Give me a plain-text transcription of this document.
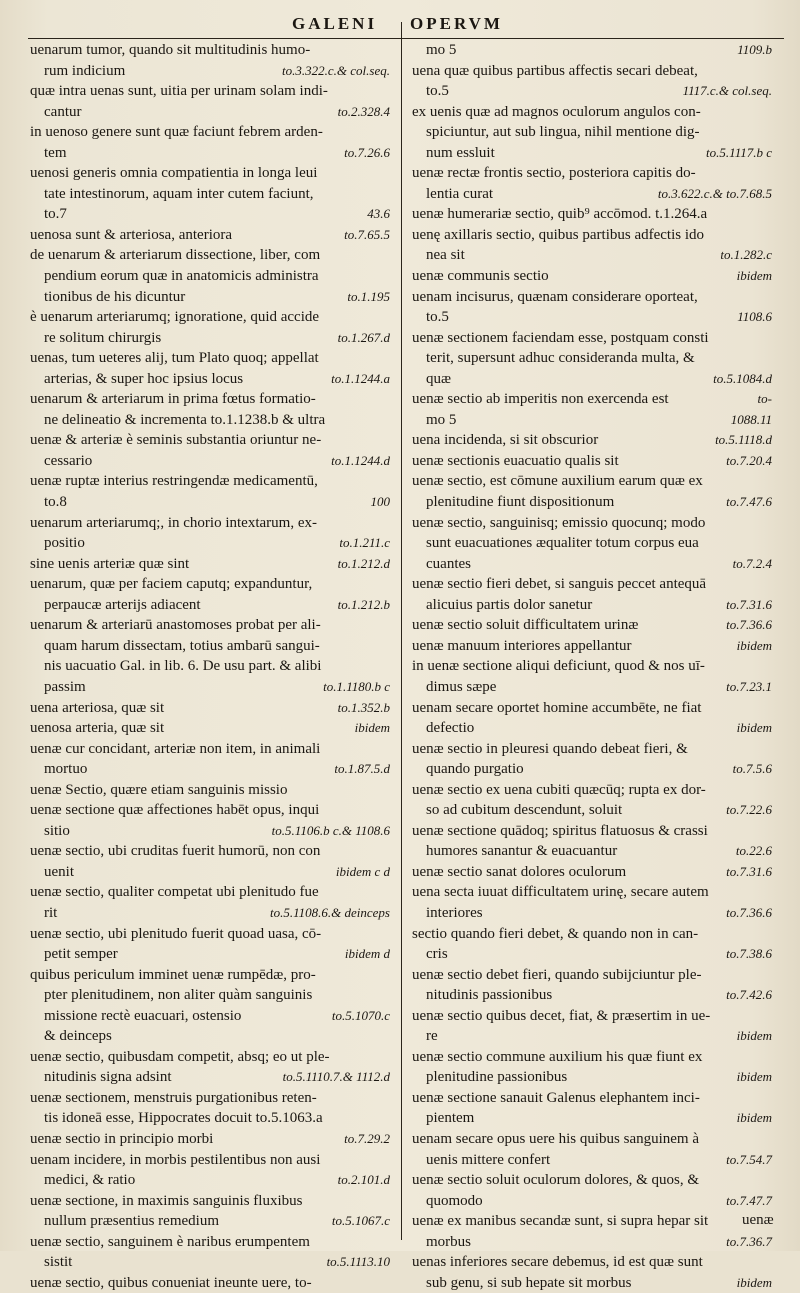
GALENI OPERVM
uenarum tumor, quando sit multitudinis humo-
rum indicium	to.3.322.c.& col.seq.
quæ intra uenas sunt, uitia per urinam solam indi-
cantur	to.2.328.4
in uenoso genere sunt quæ faciunt febrem arden-
tem	to.7.26.6
uenosi generis omnia compatientia in longa leui
tate intestinorum, aquam inter cutem faciunt,
to.7	43.6
uenosa sunt & arteriosa, anteriora	to.7.65.5
de uenarum & arteriarum dissectione, liber, com
pendium eorum quæ in anatomicis administra
tionibus de his dicuntur	to.1.195
è uenarum arteriarumq; ignoratione, quid accide
re solitum chirurgis	to.1.267.d
uenas, tum ueteres alij, tum Plato quoq; appellat
arterias, & super hoc ipsius locus	to.1.1244.a
uenarum & arteriarum in prima fœtus formatio-
ne delineatio & incrementa to.1.1238.b & ultra
uenæ & arteriæ è seminis substantia oriuntur ne-
cessario	to.1.1244.d
uenæ ruptæ interius restringendæ medicamentū,
to.8	100
uenarum arteriarumq;, in chorio intextarum, ex-
positio	to.1.211.c
sine uenis arteriæ quæ sint	to.1.212.d
uenarum, quæ per faciem caputq; expanduntur,
perpaucæ arterijs adiacent	to.1.212.b
uenarum & arteriarū anastomoses probat per ali-
quam harum dissectam, totius ambarū sangui-
nis uacuatio Gal. in lib. 6. De usu part. & alibi
passim	to.1.1180.b c
uena arteriosa, quæ sit	to.1.352.b
uenosa arteria, quæ sit	ibidem
uenæ cur concidant, arteriæ non item, in animali
mortuo	to.1.87.5.d
uenæ Sectio, quære etiam sanguinis missio
uenæ sectione quæ affectiones habēt opus, inqui
sitio	to.5.1106.b c.& 1108.6
uenæ sectio, ubi cruditas fuerit humorū, non con
uenit	ibidem c d
uenæ sectio, qualiter competat ubi plenitudo fue
rit	to.5.1108.6.& deinceps
uenæ sectio, ubi plenitudo fuerit quoad uasa, cō-
petit semper	ibidem d
quibus periculum imminet uenæ rumpēdæ, pro-
pter plenitudinem, non aliter quàm sanguinis
missione rectè euacuari, ostensio	to.5.1070.c
& deinceps
uenæ sectio, quibusdam competit, absq; eo ut ple-
nitudinis signa adsint	to.5.1110.7.& 1112.d
uenæ sectionem, menstruis purgationibus reten-
tis idoneā esse, Hippocrates docuit to.5.1063.a
uenæ sectio in principio morbi	to.7.29.2
uenam incidere, in morbis pestilentibus non ausi
medici, & ratio	to.2.101.d
uenæ sectione, in maximis sanguinis fluxibus
nullum præsentius remedium	to.5.1067.c
uenæ sectio, sanguinem è naribus erumpentem
sistit	to.5.1113.10
uenæ sectio, quibus conueniat ineunte uere, to-
mo 5	1109.b
uena quæ quibus partibus affectis secari debeat,
to.5	1117.c.& col.seq.
ex uenis quæ ad magnos oculorum angulos con-
spiciuntur, aut sub lingua, nihil mentione dig-
num essluit	to.5.1117.b c
uenæ rectæ frontis sectio, posteriora capitis do-
lentia curat	to.3.622.c.& to.7.68.5
uenæ humerariæ sectio, quib⁹ accōmod. t.1.264.a
uenę axillaris sectio, quibus partibus adfectis ido
nea sit	to.1.282.c
uenæ communis sectio	ibidem
uenam incisurus, quænam considerare oporteat,
to.5	1108.6
uenæ sectionem faciendam esse, postquam consti
terit, supersunt adhuc consideranda multa, &
quæ	to.5.1084.d
uenæ sectio ab imperitis non exercenda est	to-
mo 5	1088.11
uena incidenda, si sit obscurior	to.5.1118.d
uenæ sectionis euacuatio qualis sit	to.7.20.4
uenæ sectio, est cōmune auxilium earum quæ ex
plenitudine fiunt dispositionum	to.7.47.6
uenæ sectio, sanguinisq; emissio quocunq; modo
sunt euacuationes æqualiter totum corpus eua
cuantes	to.7.2.4
uenæ sectio fieri debet, si sanguis peccet antequā
alicuius partis dolor sanetur	to.7.31.6
uenæ sectio soluit difficultatem urinæ	to.7.36.6
uenæ manuum interiores appellantur	ibidem
in uenæ sectione aliqui deficiunt, quod & nos uī-
dimus sæpe	to.7.23.1
uenam secare oportet homine accumbēte, ne fiat
defectio	ibidem
uenæ sectio in pleuresi quando debeat fieri, &
quando purgatio	to.7.5.6
uenæ sectio ex uena cubiti quæcūq; rupta ex dor-
so ad cubitum descendunt, soluit	to.7.22.6
uenæ sectione quādoq; spiritus flatuosus & crassi
humores sanantur & euacuantur	to.22.6
uenæ sectio sanat dolores oculorum	to.7.31.6
uena secta iuuat difficultatem urinę, secare autem
interiores	to.7.36.6
sectio quando fieri debet, & quando non in can-
cris	to.7.38.6
uenæ sectio debet fieri, quando subijciuntur ple-
nitudinis passionibus	to.7.42.6
uenæ sectio quibus decet, fiat, & præsertim in ue-
re	ibidem
uenæ sectio commune auxilium his quæ fiunt ex
plenitudine passionibus	ibidem
uenæ sectione sanauit Galenus elephantem inci-
pientem	ibidem
uenam secare opus uere his quibus sanguinem à
uenis mittere confert	to.7.54.7
uenæ sectio soluit oculorum dolores, & quos, &
quomodo	to.7.47.7
uenæ ex manibus secandæ sunt, si supra hepar sit
morbus	to.7.36.7
uenas inferiores secare debemus, id est quæ sunt
sub genu, si sub hepate sit morbus	ibidem
uenæ
